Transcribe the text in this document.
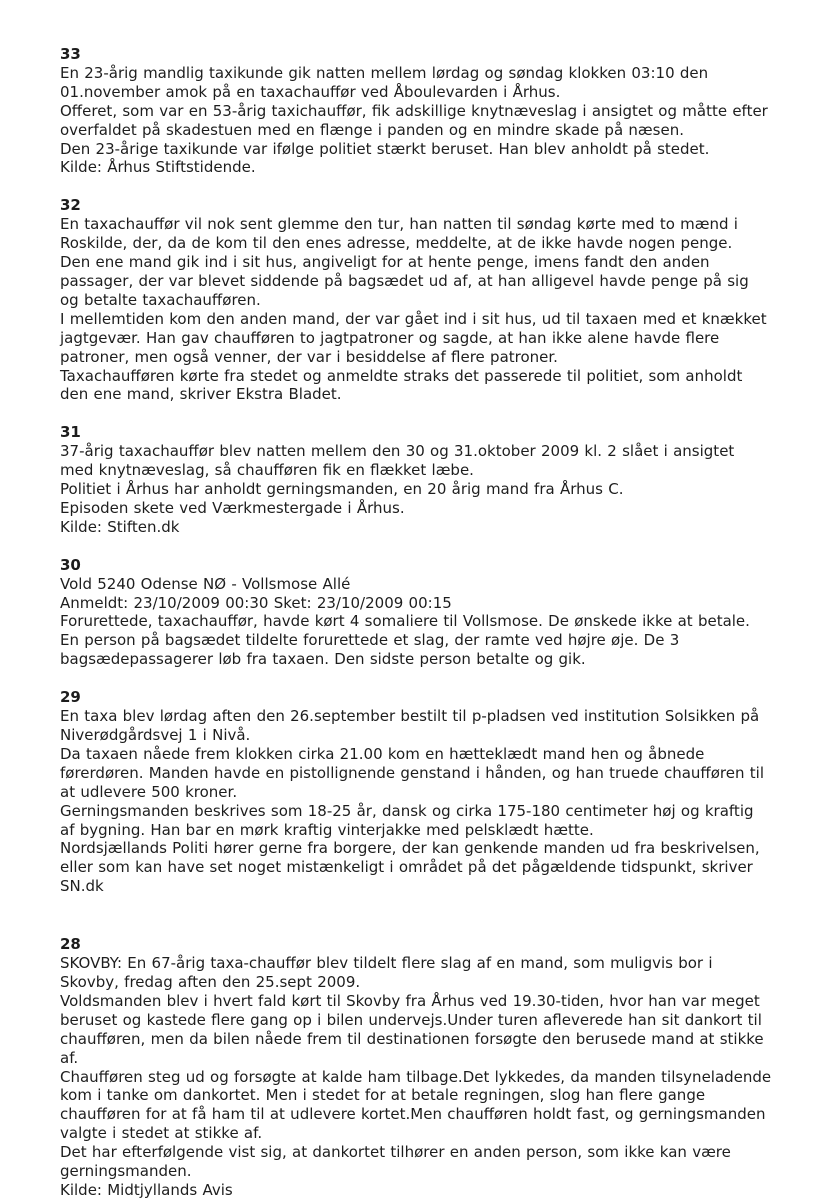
33
En 23-årig mandlig taxikunde gik natten mellem lørdag og søndag klokken 03:10 den 01.november amok på en taxachauffør ved Åboulevarden i Århus.
Offeret, som var en 53-årig taxichauffør, fik adskillige knytnæveslag i ansigtet og måtte efter overfaldet på skadestuen med en flænge i panden og en mindre skade på næsen.
Den 23-årige taxikunde var ifølge politiet stærkt beruset. Han blev anholdt på stedet.
Kilde: Århus Stiftstidende.
32
En taxachauffør vil nok sent glemme den tur, han natten til søndag kørte med to mænd i Roskilde, der, da de kom til den enes adresse, meddelte, at de ikke havde nogen penge.
Den ene mand gik ind i sit hus, angiveligt for at hente penge, imens fandt den anden passager, der var blevet siddende på bagsædet ud af, at han alligevel havde penge på sig og betalte taxachaufføren.
I mellemtiden kom den anden mand, der var gået ind i sit hus, ud til taxaen med et knækket jagtgevær. Han gav chaufføren to jagtpatroner og sagde, at han ikke alene havde flere patroner, men også venner, der var i besiddelse af flere patroner.
Taxachaufføren kørte fra stedet og anmeldte straks det passerede til politiet, som anholdt den ene mand, skriver Ekstra Bladet.
31
37-årig taxachauffør blev natten mellem den 30 og 31.oktober 2009 kl. 2 slået i ansigtet med knytnæveslag, så chaufføren fik en flækket læbe.
Politiet i Århus har anholdt gerningsmanden, en 20 årig mand fra Århus C.
Episoden skete ved Værkmestergade i Århus.
Kilde: Stiften.dk
30
Vold 5240 Odense NØ - Vollsmose Allé
Anmeldt: 23/10/2009 00:30 Sket: 23/10/2009 00:15
Forurettede, taxachauffør, havde kørt 4 somaliere til Vollsmose. De ønskede ikke at betale. En person på bagsædet tildelte forurettede et slag, der ramte ved højre øje. De 3 bagsædepassagerer løb fra taxaen. Den sidste person betalte og gik.
29
En taxa blev lørdag aften den 26.september bestilt til p-pladsen ved institution Solsikken på Niverødgårdsvej 1 i Nivå.
Da taxaen nåede frem klokken cirka 21.00 kom en hætteklædt mand hen og åbnede førerdøren. Manden havde en pistollignende genstand i hånden, og han truede chaufføren til at udlevere 500 kroner.
Gerningsmanden beskrives som 18-25 år, dansk og cirka 175-180 centimeter høj og kraftig af bygning. Han bar en mørk kraftig vinterjakke med pelsklædt hætte.
Nordsjællands Politi hører gerne fra borgere, der kan genkende manden ud fra beskrivelsen, eller som kan have set noget mistænkeligt i området på det pågældende tidspunkt, skriver SN.dk
28
SKOVBY: En 67-årig taxa-chauffør blev tildelt flere slag af en mand, som muligvis bor i Skovby, fredag aften den 25.sept 2009.
Voldsmanden blev i hvert fald kørt til Skovby fra Århus ved 19.30-tiden, hvor han var meget beruset og kastede flere gang op i bilen undervejs.Under turen afleverede han sit dankort til chaufføren, men da bilen nåede frem til destinationen forsøgte den berusede mand at stikke af.
Chaufføren steg ud og forsøgte at kalde ham tilbage.Det lykkedes, da manden tilsyneladende kom i tanke om dankortet. Men i stedet for at betale regningen, slog han flere gange chaufføren for at få ham til at udlevere kortet.Men chaufføren holdt fast, og gerningsmanden valgte i stedet at stikke af.
Det har efterfølgende vist sig, at dankortet tilhører en anden person, som ikke kan være gerningsmanden.
Kilde: Midtjyllands Avis
